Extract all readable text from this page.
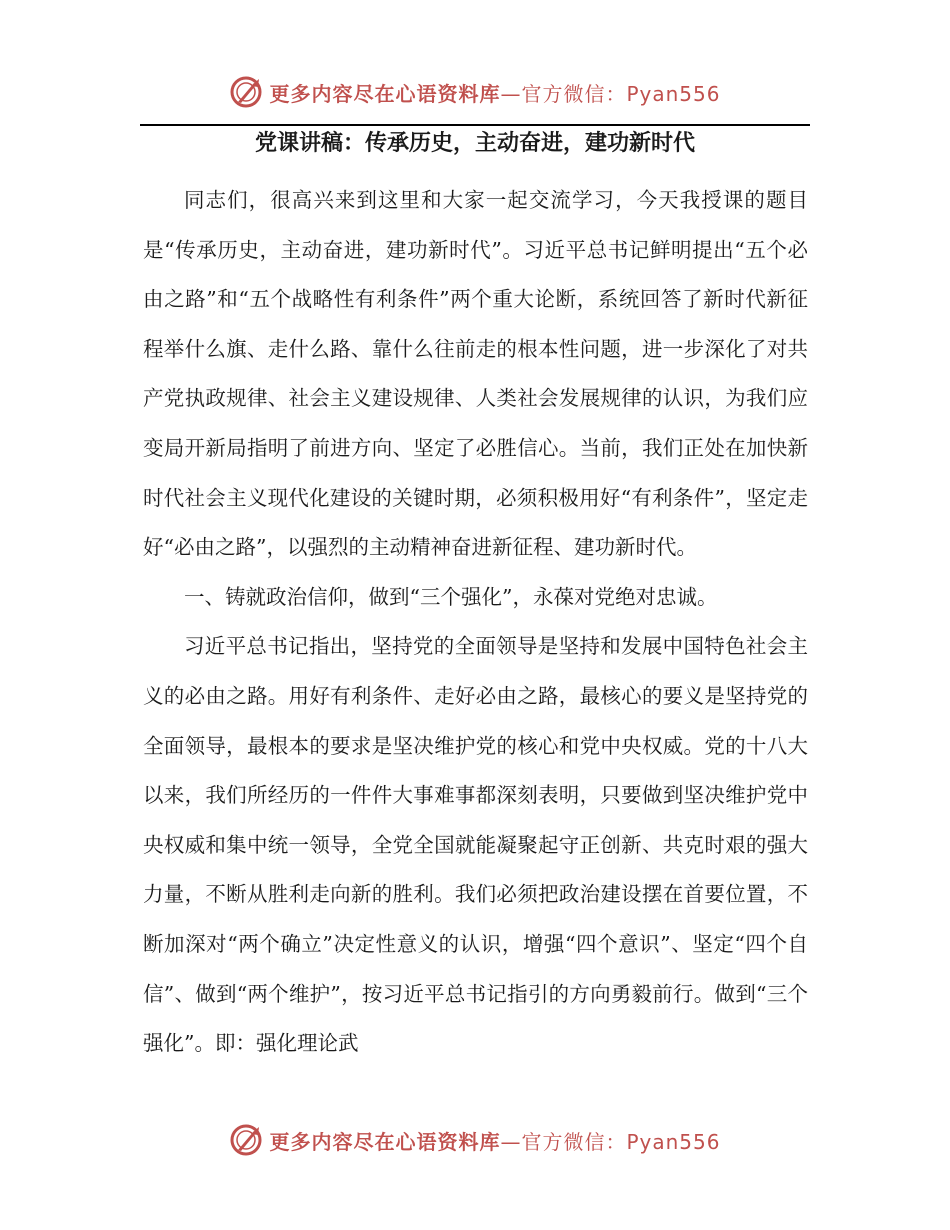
更多内容尽在心语资料库—官方微信：Pyan556
党课讲稿：传承历史，主动奋进，建功新时代

同志们，很高兴来到这里和大家一起交流学习，今天我授课的题目是“传承历史，主动奋进，建功新时代”。习近平总书记鲜明提出“五个必由之路”和“五个战略性有利条件”两个重大论断，系统回答了新时代新征程举什么旗、走什么路、靠什么往前走的根本性问题，进一步深化了对共产党执政规律、社会主义建设规律、人类社会发展规律的认识，为我们应变局开新局指明了前进方向、坚定了必胜信心。当前，我们正处在加快新时代社会主义现代化建设的关键时期，必须积极用好“有利条件”，坚定走好“必由之路”，以强烈的主动精神奋进新征程、建功新时代。

一、铸就政治信仰，做到“三个强化”，永葆对党绝对忠诚。

习近平总书记指出，坚持党的全面领导是坚持和发展中国特色社会主义的必由之路。用好有利条件、走好必由之路，最核心的要义是坚持党的全面领导，最根本的要求是坚决维护党的核心和党中央权威。党的十八大以来，我们所经历的一件件大事难事都深刻表明，只要做到坚决维护党中央权威和集中统一领导，全党全国就能凝聚起守正创新、共克时艰的强大力量，不断从胜利走向新的胜利。我们必须把政治建设摆在首要位置，不断加深对“两个确立”决定性意义的认识，增强“四个意识”、坚定“四个自信”、做到“两个维护”，按习近平总书记指引的方向勇毅前行。做到“三个强化”。即：强化理论武

更多内容尽在心语资料库—官方微信：Pyan556
